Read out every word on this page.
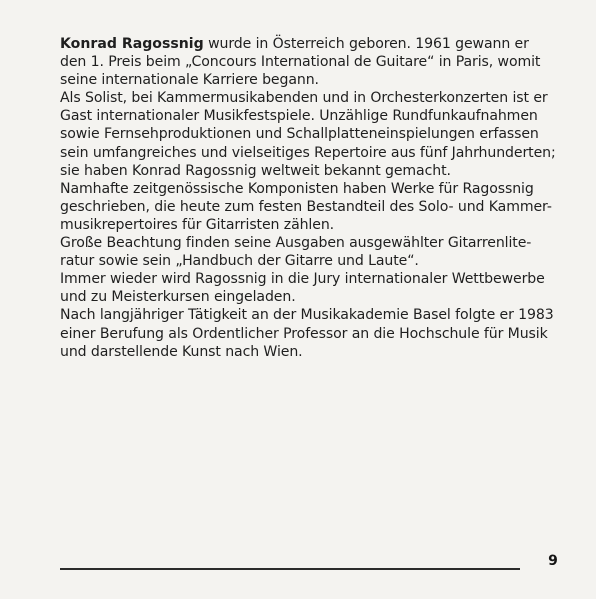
Konrad Ragossnig wurde in Österreich geboren. 1961 gewann er
den 1. Preis beim „Concours International de Guitare“ in Paris, womit
seine internationale Karriere begann.

Als Solist, bei Kammermusikabenden und in Orchesterkonzerten ist er
Gast internationaler Musikfestspiele. Unzählige Rundfunkaufnahmen
sowie Fernsehproduktionen und Schallplatteneinspielungen erfassen
sein umfangreiches und vielseitiges Repertoire aus fünf Jahrhunderten;
sie haben Konrad Ragossnig weltweit bekannt gemacht.

Namhafte zeitgenössische Komponisten haben Werke für Ragossnig
geschrieben, die heute zum festen Bestandteil des Solo- und Kammer-
musikrepertoires für Gitarristen zählen.

Große Beachtung finden seine Ausgaben ausgewählter Gitarrenlite-
ratur sowie sein „Handbuch der Gitarre und Laute“.

Immer wieder wird Ragossnig in die Jury internationaler Wettbewerbe
und zu Meisterkursen eingeladen.

Nach langjähriger Tätigkeit an der Musikakademie Basel folgte er 1983
einer Berufung als Ordentlicher Professor an die Hochschule für Musik
und darstellende Kunst nach Wien.

9
